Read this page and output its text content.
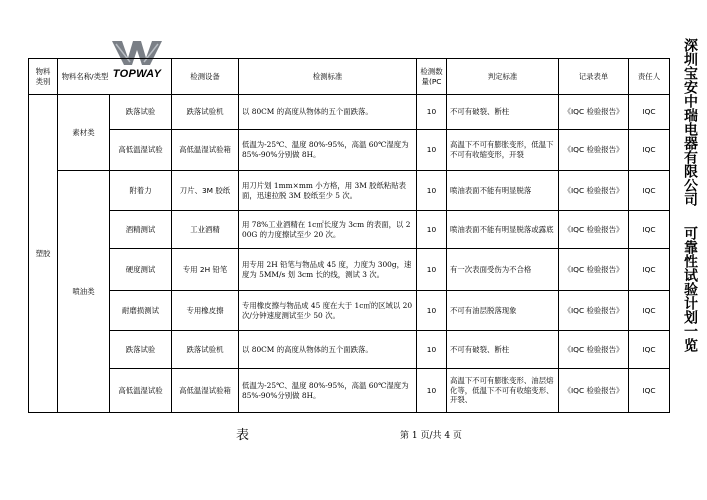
TOPWAY
物料类别	物料名称/类型		检测设备	检测标准	检测数量(PC	判定标准	记录表单	责任人
塑胶	素材类	跌落试验	跌落试验机	以 80CM 的高度从物体的五个面跌落。	10	不可有破裂、断柱	《IQC 检验报告》	IQC
		高低温湿试验	高低温湿试验箱	低温为-25℃、温度 80%-95%，高温 60℃湿度为 85%-90%分别做 8H。	10	高温下不可有膨胀变形，低温下不可有收缩变形，开裂	《IQC 检验报告》	IQC
	喷油类	附着力	刀片、3M 胶纸	用刀片划 1mm×mm 小方格，用 3M 胶纸粘贴表面，迅速拉脱 3M 胶纸至少 5 次。	10	喷油表面不能有明显脱落	《IQC 检验报告》	IQC
		酒精测试	工业酒精	用 78%工业酒精在 1c㎡长度为 3cm 的表面，以 200G 的力度擦试至少 20 次。	10	喷油表面不能有明显脱落或露底	《IQC 检验报告》	IQC
		硬度测试	专用 2H 铅笔	用专用 2H 铅笔与物品成 45 度，力度为 300g，速度为 5MM/s 划 3cm 长的线，测试 3 次。	10	有一次表面受伤为不合格	《IQC 检验报告》	IQC
		耐磨损测试	专用橡皮擦	专用橡皮擦与物品成 45 度在大于 1c㎡的区域以 20 次/分钟速度测试至少 50 次。	10	不可有油层脱落现象	《IQC 检验报告》	IQC
		跌落试验	跌落试验机	以 80CM 的高度从物体的五个面跌落。	10	不可有破裂、断柱	《IQC 检验报告》	IQC
		高低温湿试验	高低温湿试验箱	低温为-25℃、温度 80%-95%，高温 60℃湿度为 85%-90%分别做 8H。	10	高温下不可有膨胀变形、油层熔化等，低温下不可有收缩变形、开裂、	《IQC 检验报告》	IQC
深圳宝安中瑞电器有限公司可靠性试验计划一览
表	第 1 页/共 4 页
